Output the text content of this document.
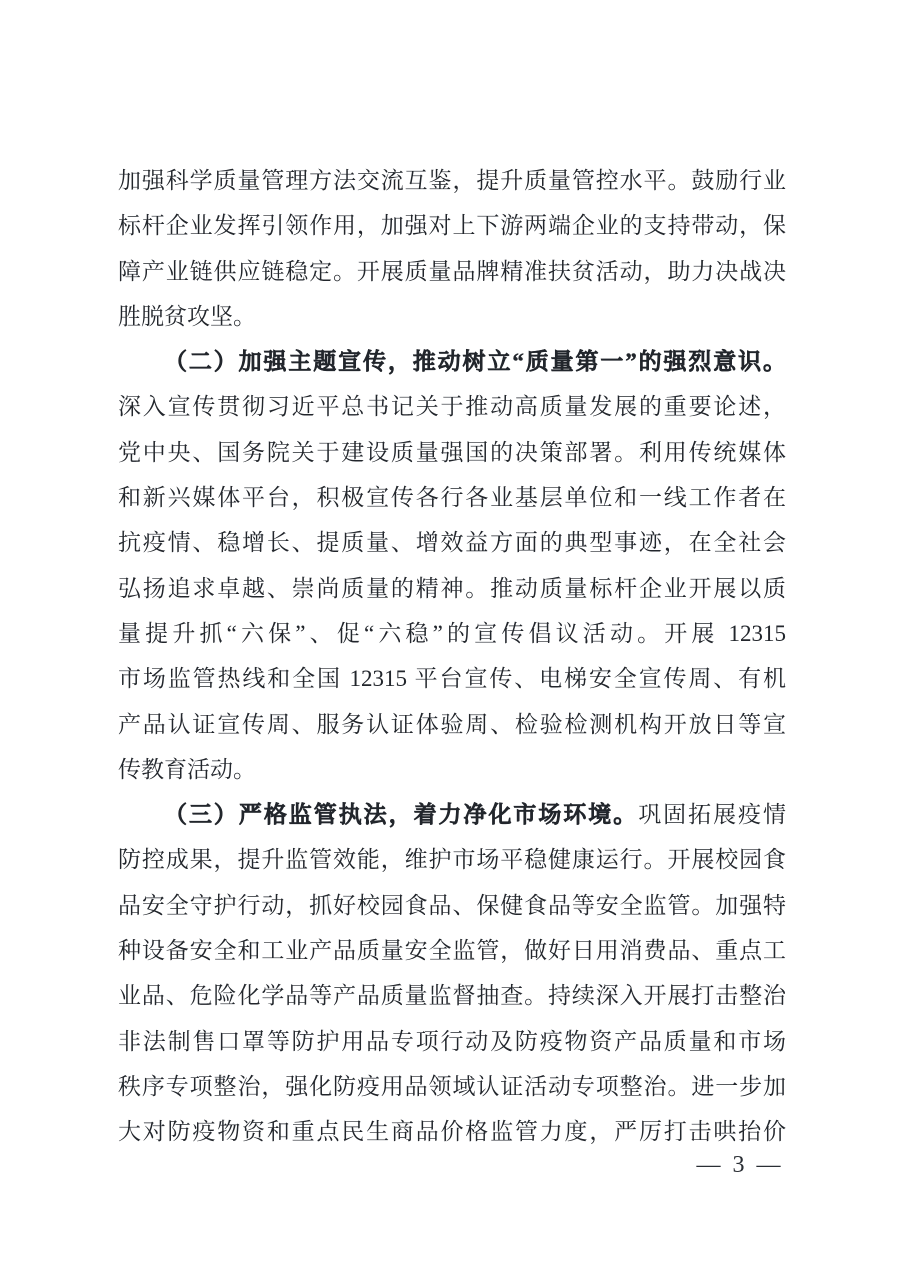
加强科学质量管理方法交流互鉴，提升质量管控水平。鼓励行业
标杆企业发挥引领作用，加强对上下游两端企业的支持带动，保
障产业链供应链稳定。开展质量品牌精准扶贫活动，助力决战决
胜脱贫攻坚。
（二）加强主题宣传，推动树立“质量第一”的强烈意识。
深入宣传贯彻习近平总书记关于推动高质量发展的重要论述，
党中央、国务院关于建设质量强国的决策部署。利用传统媒体
和新兴媒体平台，积极宣传各行各业基层单位和一线工作者在
抗疫情、稳增长、提质量、增效益方面的典型事迹，在全社会
弘扬追求卓越、崇尚质量的精神。推动质量标杆企业开展以质
量提升抓“六保”、促“六稳”的宣传倡议活动。开展 12315
市场监管热线和全国 12315 平台宣传、电梯安全宣传周、有机
产品认证宣传周、服务认证体验周、检验检测机构开放日等宣
传教育活动。
（三）严格监管执法，着力净化市场环境。巩固拓展疫情
防控成果，提升监管效能，维护市场平稳健康运行。开展校园食
品安全守护行动，抓好校园食品、保健食品等安全监管。加强特
种设备安全和工业产品质量安全监管，做好日用消费品、重点工
业品、危险化学品等产品质量监督抽查。持续深入开展打击整治
非法制售口罩等防护用品专项行动及防疫物资产品质量和市场
秩序专项整治，强化防疫用品领域认证活动专项整治。进一步加
大对防疫物资和重点民生商品价格监管力度，严厉打击哄抬价
— 3 —
